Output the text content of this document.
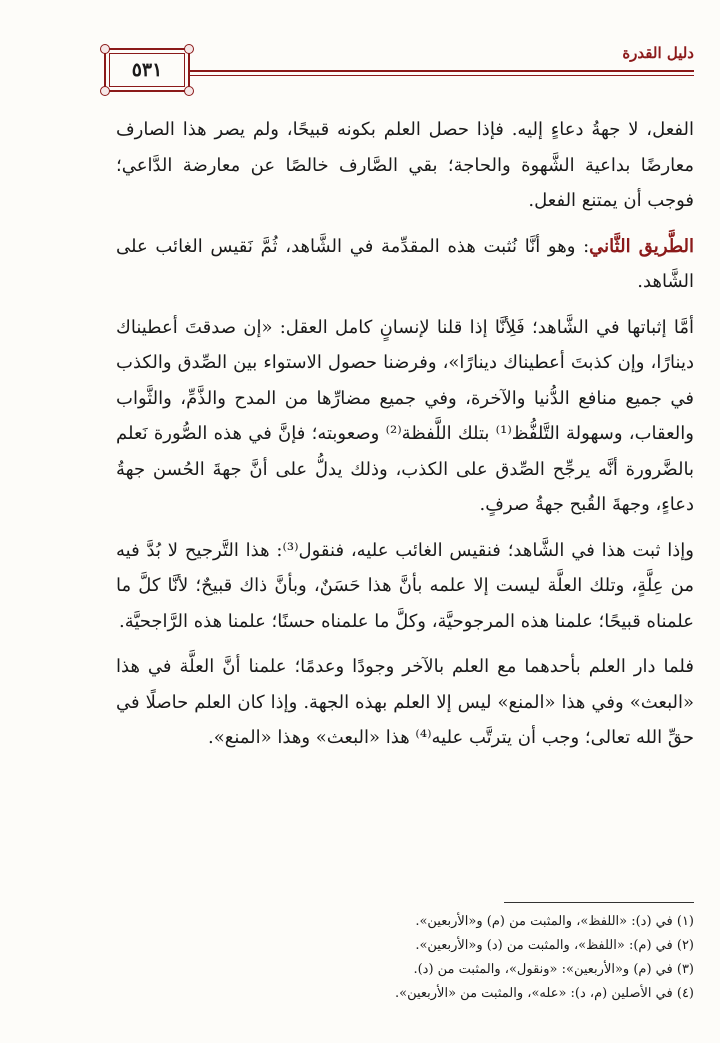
دليل القدرة
٥٣١

الفعل، لا جهةُ دعاءٍ إليه. فإذا حصل العلم بكونه قبيحًا، ولم يصر هذا الصارف معارضًا بداعية الشَّهوة والحاجة؛ بقي الصَّارف خالصًا عن معارضة الدَّاعي؛ فوجب أن يمتنع الفعل.

الطَّريق الثَّاني: وهو أنَّا نُثبت هذه المقدِّمة في الشَّاهد، ثُمَّ نَقيس الغائب على الشَّاهد.

أمَّا إثباتها في الشَّاهد؛ فَلِأنَّا إذا قلنا لإنسانٍ كامل العقل: «إن صدقتَ أعطيناك دينارًا، وإن كذبتَ أعطيناك دينارًا»، وفرضنا حصول الاستواء بين الصِّدق والكذب في جميع منافع الدُّنيا والآخرة، وفي جميع مضارِّها من المدح والذَّمِّ، والثَّواب والعقاب، وسهولة التَّلفُّظ⁽¹⁾ بتلك اللَّفظة⁽²⁾ وصعوبته؛ فإنَّ في هذه الصُّورة نَعلم بالضَّرورة أنَّه يرجِّح الصِّدق على الكذب، وذلك يدلُّ على أنَّ جهةَ الحُسن جهةُ دعاءٍ، وجهةَ القُبح جهةُ صرفٍ.

وإذا ثبت هذا في الشَّاهد؛ فنقيس الغائب عليه، فنقول⁽³⁾: هذا التَّرجيح لا بُدَّ فيه من عِلَّةٍ، وتلك العلَّة ليست إلا علمه بأنَّ هذا حَسَنٌ، وبأنَّ ذاك قبيحٌ؛ لأنَّا كلَّ ما علمناه قبيحًا؛ علمنا هذه المرجوحيَّة، وكلَّ ما علمناه حسنًا؛ علمنا هذه الرَّاجحيَّة.

فلما دار العلم بأحدهما مع العلم بالآخر وجودًا وعدمًا؛ علمنا أنَّ العلَّة في هذا «البعث» وفي هذا «المنع» ليس إلا العلم بهذه الجهة. وإذا كان العلم حاصلًا في حقِّ الله تعالى؛ وجب أن يترتَّب عليه⁽⁴⁾ هذا «البعث» وهذا «المنع».

(١) في (د): «اللفظ»، والمثبت من (م) و«الأربعين».
(٢) في (م): «اللفظ»، والمثبت من (د) و«الأربعين».
(٣) في (م) و«الأربعين»: «ونقول»، والمثبت من (د).
(٤) في الأصلين (م، د): «عله»، والمثبت من «الأربعين».
